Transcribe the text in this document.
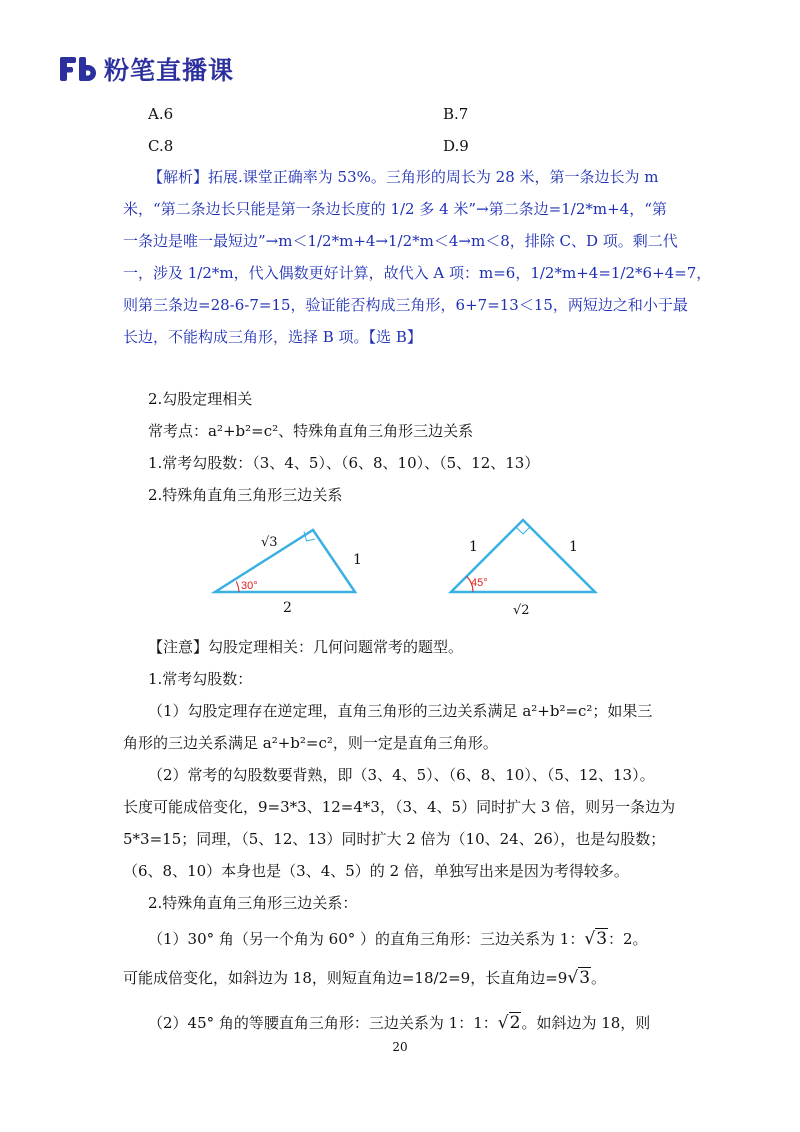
粉笔直播课
A.6	B.7
C.8	D.9
【解析】拓展.课堂正确率为 53%。三角形的周长为 28 米，第一条边长为 m
米，“第二条边长只能是第一条边长度的 1/2 多 4 米”→第二条边=1/2*m+4，“第
一条边是唯一最短边”→m＜1/2*m+4→1/2*m＜4→m＜8，排除 C、D 项。剩二代
一，涉及 1/2*m，代入偶数更好计算，故代入 A 项：m=6，1/2*m+4=1/2*6+4=7，
则第三条边=28-6-7=15，验证能否构成三角形，6+7=13＜15，两短边之和小于最
长边，不能构成三角形，选择 B 项。【选 B】
2.勾股定理相关
常考点：a²+b²=c²、特殊角直角三角形三边关系
1.常考勾股数：（3、4、5）、（6、8、10）、（5、12、13）
2.特殊角直角三角形三边关系
30°
√3
1
2
45°
1	1
√2
【注意】勾股定理相关：几何问题常考的题型。
1.常考勾股数：
（1）勾股定理存在逆定理，直角三角形的三边关系满足 a²+b²=c²；如果三
角形的三边关系满足 a²+b²=c²，则一定是直角三角形。
（2）常考的勾股数要背熟，即（3、4、5）、（6、8、10）、（5、12、13）。
长度可能成倍变化，9=3*3、12=4*3，（3、4、5）同时扩大 3 倍，则另一条边为
5*3=15；同理，（5、12、13）同时扩大 2 倍为（10、24、26），也是勾股数；
（6、8、10）本身也是（3、4、5）的 2 倍，单独写出来是因为考得较多。
2.特殊角直角三角形三边关系：
（1）30° 角（另一个角为 60° ）的直角三角形：三边关系为 1：√3：2。
可能成倍变化，如斜边为 18，则短直角边=18/2=9，长直角边=9√3。
（2）45° 角的等腰直角三角形：三边关系为 1：1：√2。如斜边为 18，则
20
